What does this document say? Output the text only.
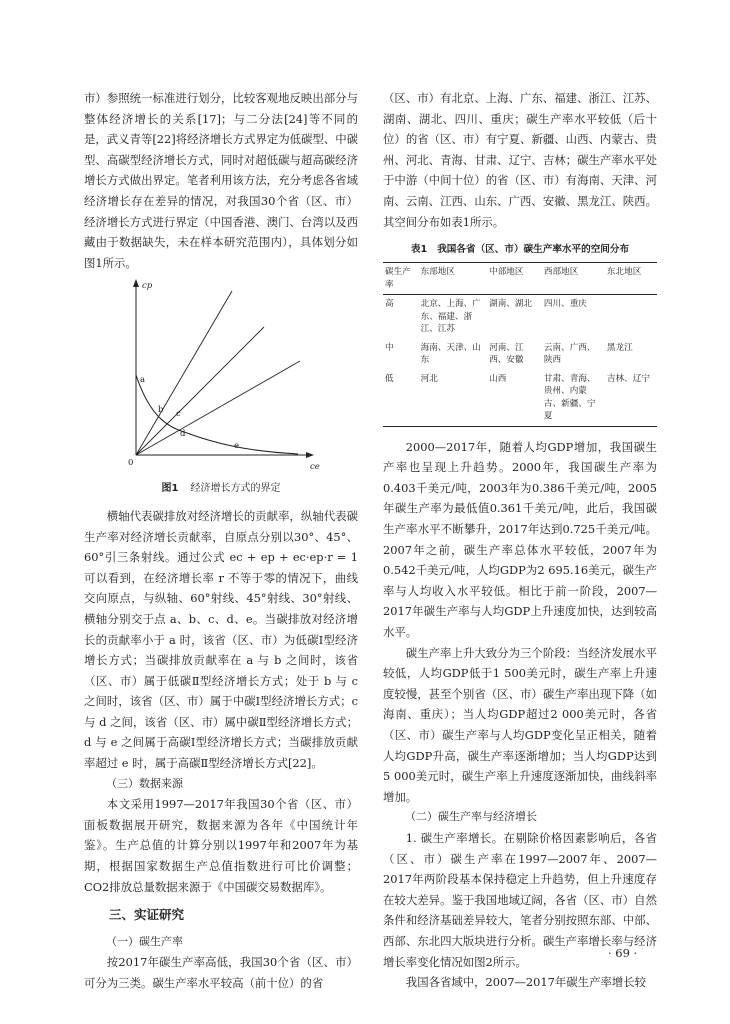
市）参照统一标准进行划分，比较客观地反映出部分与整体经济增长的关系[17]；与二分法[24]等不同的是，武义青等[22]将经济增长方式界定为低碳型、中碳型、高碳型经济增长方式，同时对超低碳与超高碳经济增长方式做出界定。笔者利用该方法，充分考虑各省域经济增长存在差异的情况，对我国30个省（区、市）经济增长方式进行界定（中国香港、澳门、台湾以及西藏由于数据缺失，未在样本研究范围内），具体划分如图1所示。

cp
ce
0
a
b c
d
e

图1 经济增长方式的界定

横轴代表碳排放对经济增长的贡献率，纵轴代表碳生产率对经济增长贡献率，自原点分别以30°、45°、60°引三条射线。通过公式 ec + ep + ec·ep·r = 1 可以看到，在经济增长率 r 不等于零的情况下，曲线交向原点，与纵轴、60°射线、45°射线、30°射线、横轴分别交于点 a、b、c、d、e。当碳排放对经济增长的贡献率小于 a 时，该省（区、市）为低碳Ⅰ型经济增长方式；当碳排放贡献率在 a 与 b 之间时，该省（区、市）属于低碳Ⅱ型经济增长方式；处于 b 与 c 之间时，该省（区、市）属于中碳Ⅰ型经济增长方式；c 与 d 之间，该省（区、市）属中碳Ⅱ型经济增长方式；d 与 e 之间属于高碳Ⅰ型经济增长方式；当碳排放贡献率超过 e 时，属于高碳Ⅱ型经济增长方式[22]。

（三）数据来源

本文采用1997—2017年我国30个省（区、市）面板数据展开研究，数据来源为各年《中国统计年鉴》。生产总值的计算分别以1997年和2007年为基期，根据国家数据生产总值指数进行可比价调整；CO2排放总量数据来源于《中国碳交易数据库》。

三、实证研究

（一）碳生产率

按2017年碳生产率高低，我国30个省（区、市）可分为三类。碳生产率水平较高（前十位）的省

（区、市）有北京、上海、广东、福建、浙江、江苏、湖南、湖北、四川、重庆；碳生产率水平较低（后十位）的省（区、市）有宁夏、新疆、山西、内蒙古、贵州、河北、青海、甘肃、辽宁、吉林；碳生产率水平处于中游（中间十位）的省（区、市）有海南、天津、河南、云南、江西、山东、广西、安徽、黑龙江、陕西。其空间分布如表1所示。

表1 我国各省（区、市）碳生产率水平的空间分布

碳生产率	东部地区	中部地区	西部地区	东北地区
高	北京、上海、广东、福建、浙江、江苏	湖南、湖北	四川、重庆	
中	海南、天津、山东	河南、江西、安徽	云南、广西、陕西	黑龙江
低	河北	山西	甘肃、青海、贵州、内蒙古、新疆、宁夏	吉林、辽宁

2000—2017年，随着人均GDP增加，我国碳生产率也呈现上升趋势。2000年，我国碳生产率为0.403千美元/吨，2003年为0.386千美元/吨，2005年碳生产率为最低值0.361千美元/吨，此后，我国碳生产率水平不断攀升，2017年达到0.725千美元/吨。2007年之前，碳生产率总体水平较低，2007年为0.542千美元/吨，人均GDP为2 695.16美元，碳生产率与人均收入水平较低。相比于前一阶段，2007—2017年碳生产率与人均GDP上升速度加快，达到较高水平。

碳生产率上升大致分为三个阶段：当经济发展水平较低，人均GDP低于1 500美元时，碳生产率上升速度较慢，甚至个别省（区、市）碳生产率出现下降（如海南、重庆）；当人均GDP超过2 000美元时，各省（区、市）碳生产率与人均GDP变化呈正相关，随着人均GDP升高，碳生产率逐渐增加；当人均GDP达到5 000美元时，碳生产率上升速度逐渐加快，曲线斜率增加。

（二）碳生产率与经济增长

1. 碳生产率增长。在剔除价格因素影响后，各省（区、市）碳生产率在1997—2007年、2007—2017年两阶段基本保持稳定上升趋势，但上升速度存在较大差异。鉴于我国地域辽阔，各省（区、市）自然条件和经济基础差异较大，笔者分别按照东部、中部、西部、东北四大版块进行分析。碳生产率增长率与经济增长率变化情况如图2所示。

我国各省域中，2007—2017年碳生产率增长较

· 69 ·
